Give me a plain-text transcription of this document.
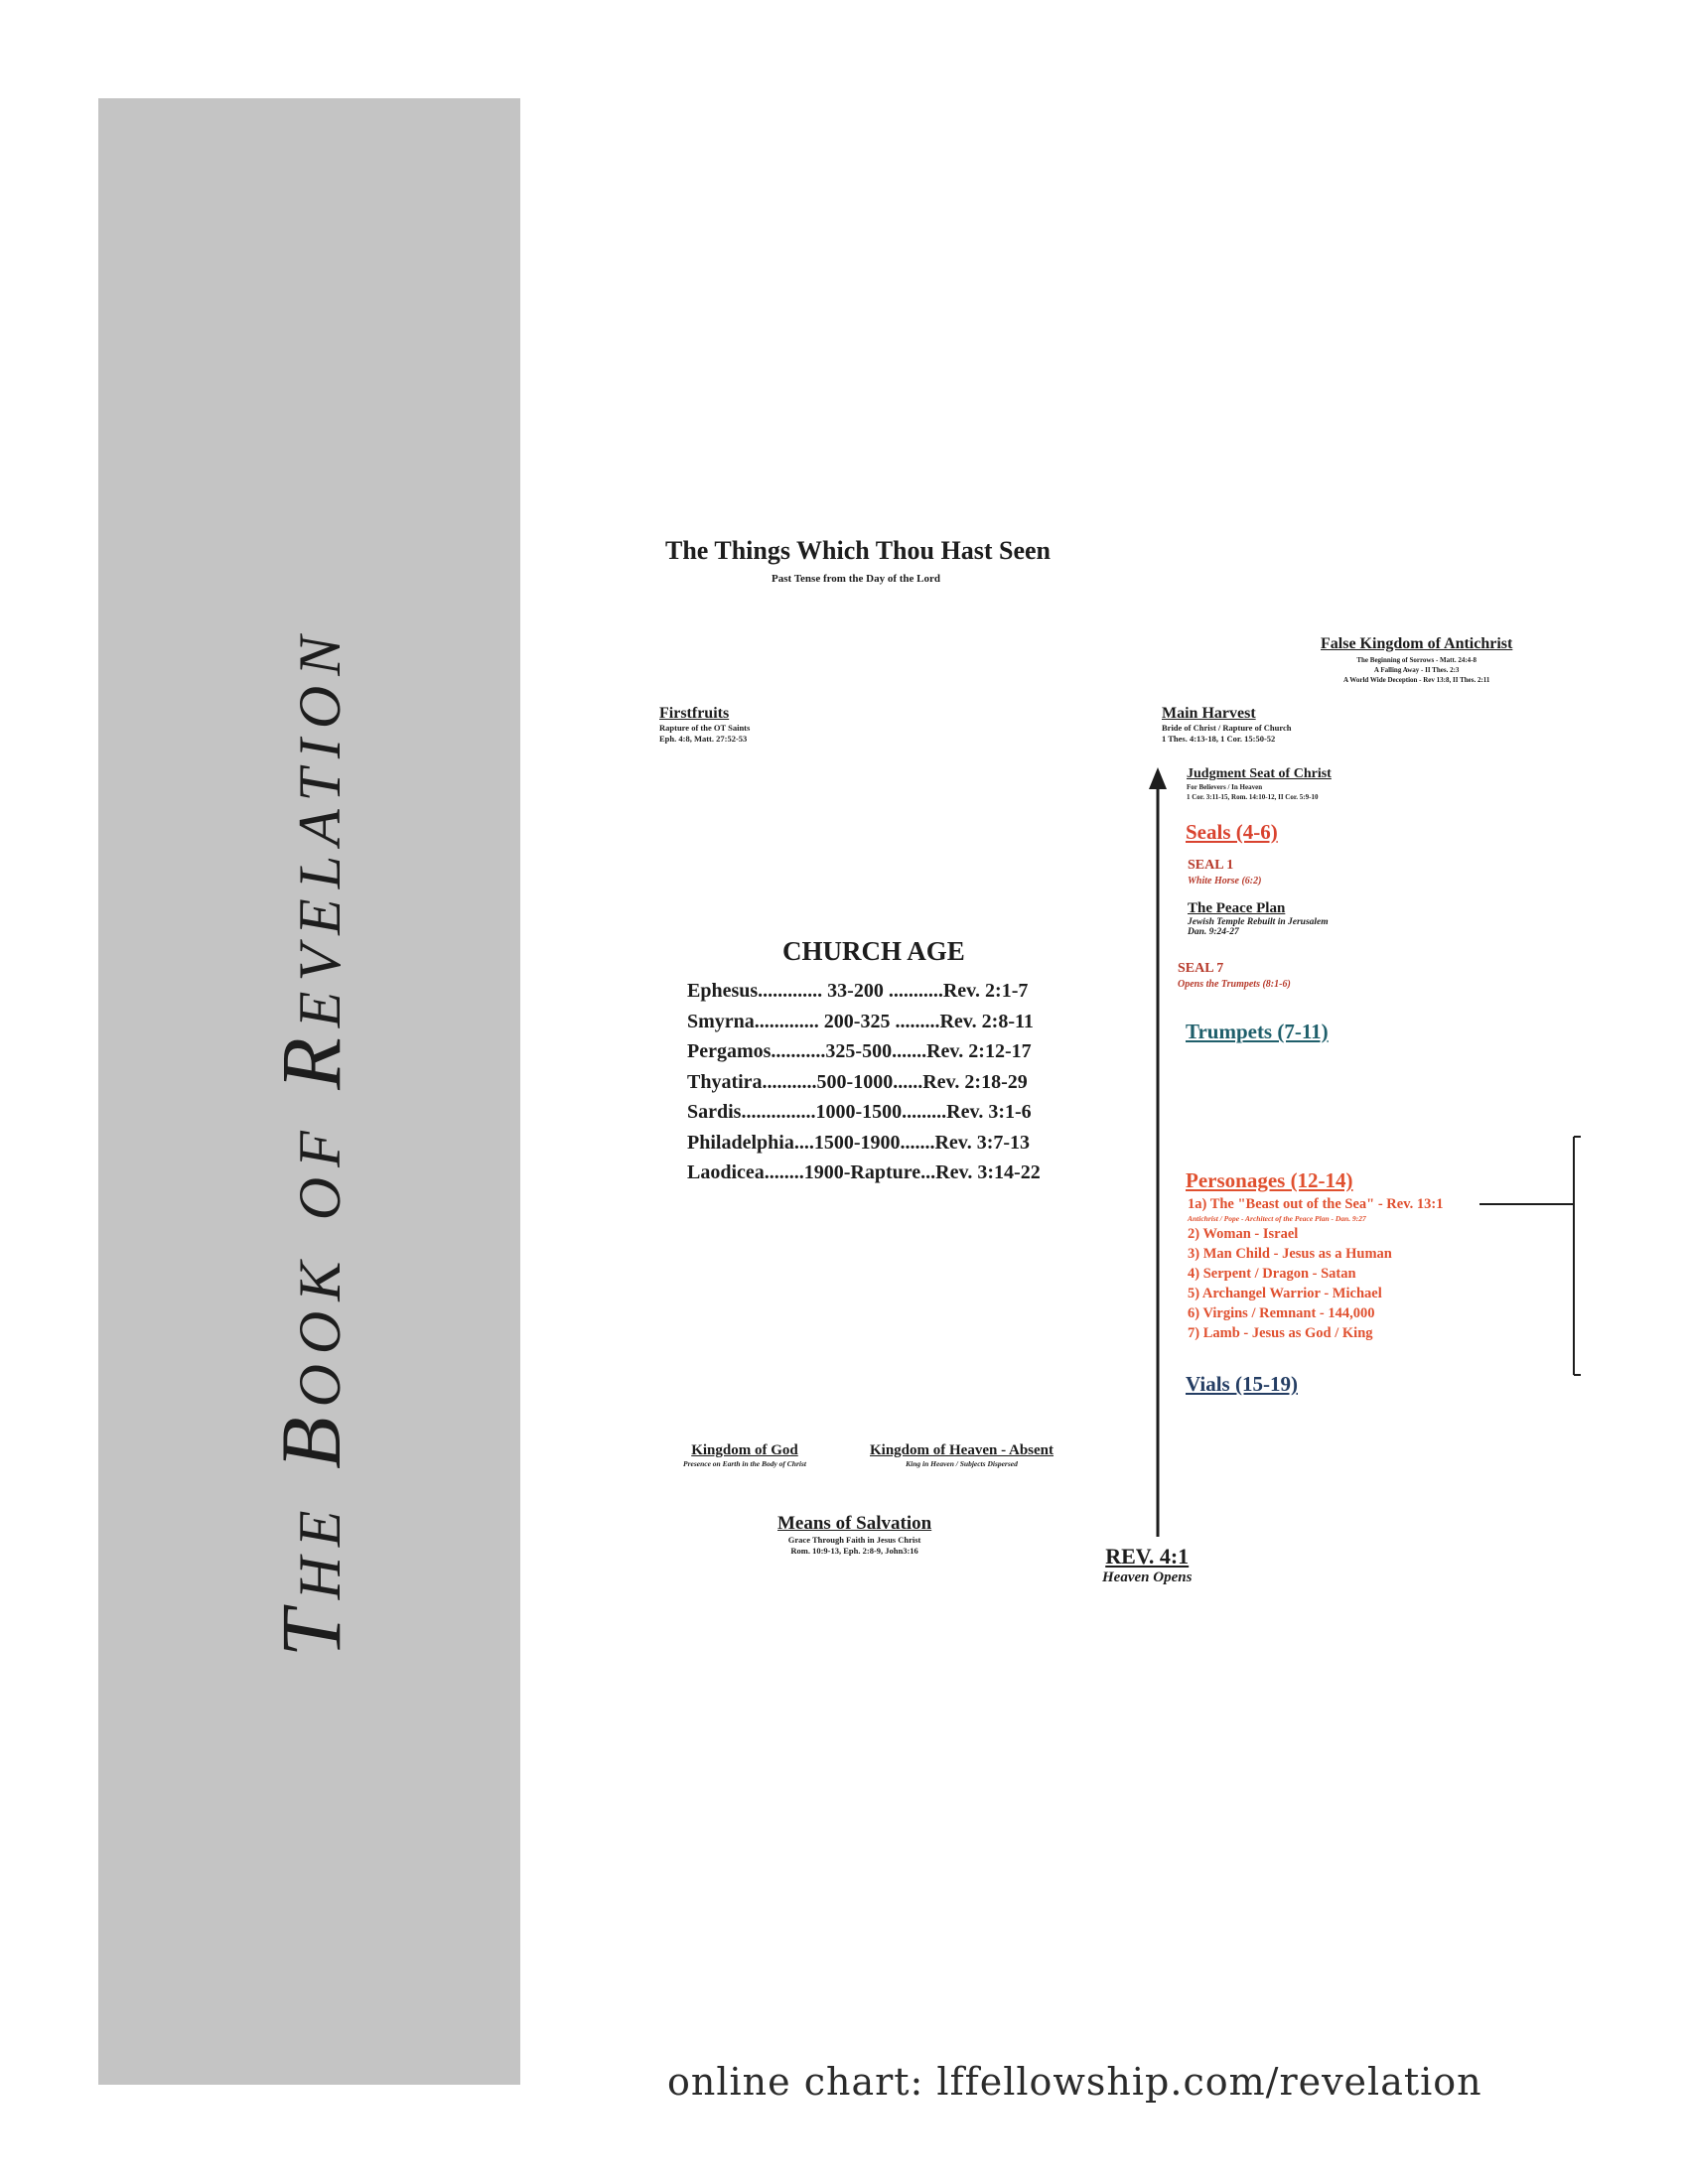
The Book of Revelation
The Things Which Thou Hast Seen
Past Tense from the Day of the Lord
False Kingdom of Antichrist
The Beginning of Sorrows - Matt. 24:4-8
A Falling Away - II Thes. 2:3
A World Wide Deception - Rev 13:8, II Thes. 2:11
Firstfruits
Rapture of the OT Saints
Eph. 4:8, Matt. 27:52-53
Main Harvest
Bride of Christ / Rapture of Church
1 Thes. 4:13-18, 1 Cor. 15:50-52
Judgment Seat of Christ
For Believers / In Heaven
1 Cor. 3:11-15, Rom. 14:10-12, II Cor. 5:9-10
Seals (4-6)
SEAL 1
White Horse (6:2)
The Peace Plan
Jewish Temple Rebuilt in Jerusalem
Dan. 9:24-27
SEAL 7
Opens the Trumpets (8:1-6)
Trumpets (7-11)
CHURCH AGE
Ephesus............. 33-200 ...........Rev. 2:1-7
Smyrna............. 200-325 .........Rev. 2:8-11
Pergamos...........325-500.......Rev. 2:12-17
Thyatira...........500-1000......Rev. 2:18-29
Sardis...............1000-1500.........Rev. 3:1-6
Philadelphia....1500-1900.......Rev. 3:7-13
Laodicea........1900-Rapture...Rev. 3:14-22	Personages (12-14)
1a) The "Beast out of the Sea" - Rev. 13:1
Antichrist / Pope - Architect of the Peace Plan - Dan. 9:27
2) Woman - Israel
3) Man Child - Jesus as a Human
4) Serpent / Dragon - Satan
5) Archangel Warrior - Michael
6) Virgins / Remnant - 144,000
7) Lamb - Jesus as God / King
Vials (15-19)
Kingdom of God
Presence on Earth in the Body of Christ
Kingdom of Heaven - Absent
King in Heaven / Subjects Dispersed
Means of Salvation
Grace Through Faith in Jesus Christ
Rom. 10:9-13, Eph. 2:8-9, John3:16	REV. 4:1
Heaven Opens
online chart: lffellowship.com/revelation
